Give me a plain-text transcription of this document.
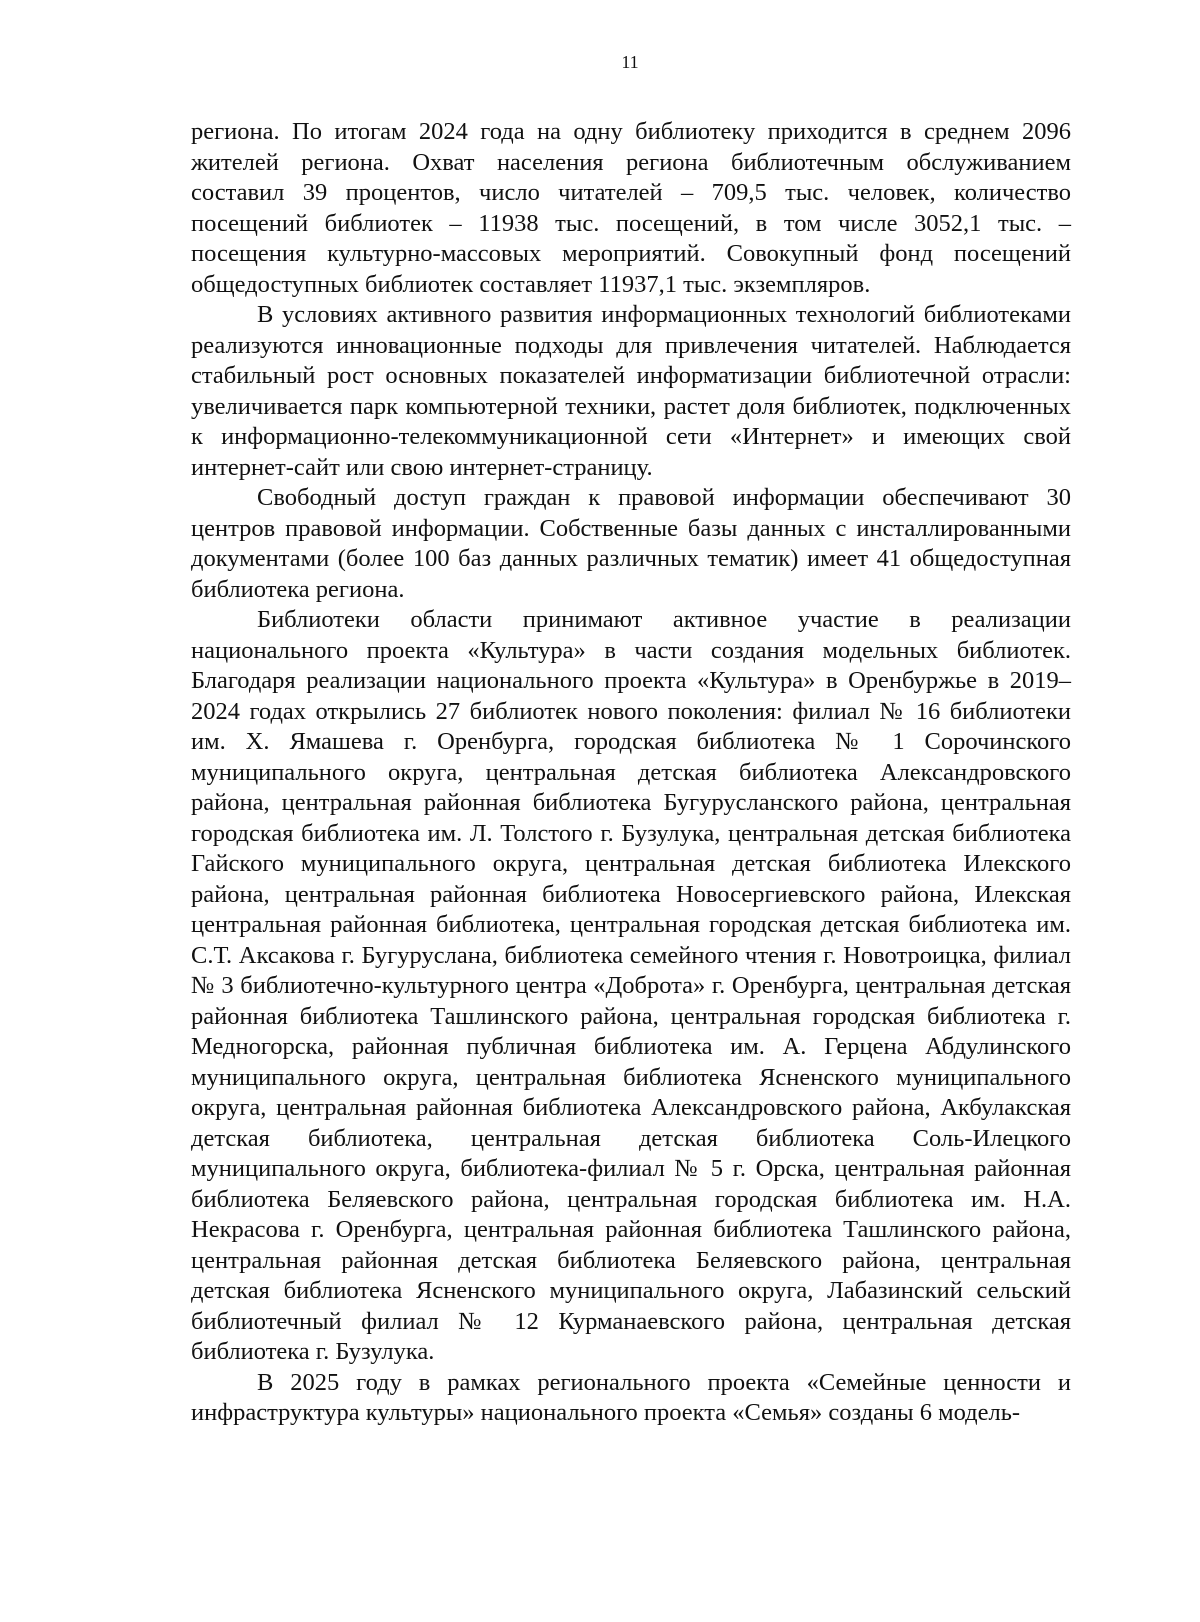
11

региона. По итогам 2024 года на одну библиотеку приходится в среднем 2096 жителей региона. Охват населения региона библиотечным обслуживанием составил 39 процентов, число читателей – 709,5 тыс. человек, количество посещений библиотек – 11938 тыс. посещений, в том числе 3052,1 тыс. – посещения культурно-массовых мероприятий. Совокупный фонд посещений общедоступных библиотек составляет 11937,1 тыс. экземпляров.

В условиях активного развития информационных технологий библиотеками реализуются инновационные подходы для привлечения читателей. Наблюдается стабильный рост основных показателей информатизации библиотечной отрасли: увеличивается парк компьютерной техники, растет доля библиотек, подключенных к информационно-телекоммуникационной сети «Интернет» и имеющих свой интернет-сайт или свою интернет-страницу.

Свободный доступ граждан к правовой информации обеспечивают 30 центров правовой информации. Собственные базы данных с инсталлированными документами (более 100 баз данных различных тематик) имеет 41 общедоступная библиотека региона.

Библиотеки области принимают активное участие в реализации национального проекта «Культура» в части создания модельных библиотек. Благодаря реализации национального проекта «Культура» в Оренбуржье в 2019–2024 годах открылись 27 библиотек нового поколения: филиал № 16 библиотеки им. Х. Ямашева г. Оренбурга, городская библиотека № 1 Сорочинского муниципального округа, центральная детская библиотека Александровского района, центральная районная библиотека Бугурусланского района, центральная городская библиотека им. Л. Толстого г. Бузулука, центральная детская библиотека Гайского муниципального округа, центральная детская библиотека Илекского района, центральная районная библиотека Новосергиевского района, Илекская центральная районная библиотека, центральная городская детская библиотека им. С.Т. Аксакова г. Бугуруслана, библиотека семейного чтения г. Новотроицка, филиал № 3 библиотечно-культурного центра «Доброта» г. Оренбурга, центральная детская районная библиотека Ташлинского района, центральная городская библиотека г. Медногорска, районная публичная библиотека им. А. Герцена Абдулинского муниципального округа, центральная библиотека Ясненского муниципального округа, центральная районная библиотека Александровского района, Акбулакская детская библиотека, центральная детская библиотека Соль-Илецкого муниципального округа, библиотека-филиал № 5 г. Орска, центральная районная библиотека Беляевского района, центральная городская библиотека им. Н.А. Некрасова г. Оренбурга, центральная районная библиотека Ташлинского района, центральная районная детская библиотека Беляевского района, центральная детская библиотека Ясненского муниципального округа, Лабазинский сельский библиотечный филиал № 12 Курманаевского района, центральная детская библиотека г. Бузулука.

В 2025 году в рамках регионального проекта «Семейные ценности и инфраструктура культуры» национального проекта «Семья» созданы 6 модель-
